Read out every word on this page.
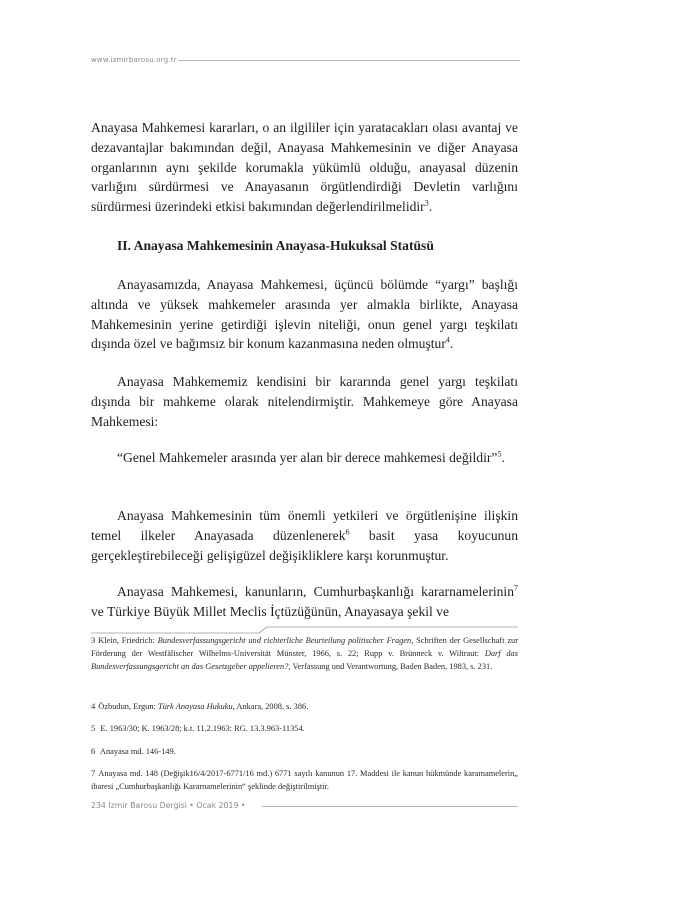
www.izmirbarosu.org.tr

Anayasa Mahkemesi kararları, o an ilgililer için yaratacakları olası avantaj ve dezavantajlar bakımından değil, Anayasa Mahkemesinin ve diğer Anayasa organlarının aynı şekilde korumakla yükümlü olduğu, anayasal düzenin varlığını sürdürmesi ve Anayasanın örgütlendirdiği Devletin varlığını sürdürmesi üzerindeki etkisi bakımından değerlendirilmelidir$^3$.

II. Anayasa Mahkemesinin Anayasa-Hukuksal Statüsü

Anayasamızda, Anayasa Mahkemesi, üçüncü bölümde “yargı” başlığı altında ve yüksek mahkemeler arasında yer almakla birlikte, Anayasa Mahkemesinin yerine getirdiği işlevin niteliği, onun genel yargı teşkilatı dışında özel ve bağımsız bir konum kazanmasına neden olmuştur$^4$.

Anayasa Mahkememiz kendisini bir kararında genel yargı teşkilatı dışında bir mahkeme olarak nitelendirmiştir. Mahkemeye göre Anayasa Mahkemesi:

“Genel Mahkemeler arasında yer alan bir derece mahkemesi değildir”$^5$.

Anayasa Mahkemesinin tüm önemli yetkileri ve örgütlenişine ilişkin temel ilkeler Anayasada düzenlenerek$^6$ basit yasa koyucunun gerçekleştirebileceği gelişigüzel değişikliklere karşı korunmuştur.

Anayasa Mahkemesi, kanunların, Cumhurbaşkanlığı kararnamelerinin$^7$ ve Türkiye Büyük Millet Meclis İçtüzüğünün, Anayasaya şekil ve

3 Klein, Friedrich: Bundesverfassungsgericht und richterliche Beurteilung politischer Fragen, Schriften der Gesellschaft zur Förderung der Westfälischer Wilhelms-Universität Münster, 1966, s. 22; Rupp v. Brünneck v. Wiltraut: Darf das Bundesverfassungsgericht an das Gesetzgeber appelieren?, Verfassung und Verantwortung, Baden Baden, 1983, s. 231.

4 Özbudun, Ergun: Türk Anayasa Hukuku, Ankara, 2008, s. 386.

5 E. 1963/30; K. 1963/28; k.t. 11.2.1963: RG. 13.3.963-11354.

6 Anayasa md. 146-149.

7 Anayasa md. 148 (Değişik16/4/2017-6771/16 md.) 6771 sayılı kanunun 17. Maddesi ile kanun hükmünde karamamelerin„ ibaresi „Cumhurbaşkanlığı Kararnamelerinin“ şeklinde değiştirilmiştir.

234 İzmir Barosu Dergisi • Ocak 2019 •
